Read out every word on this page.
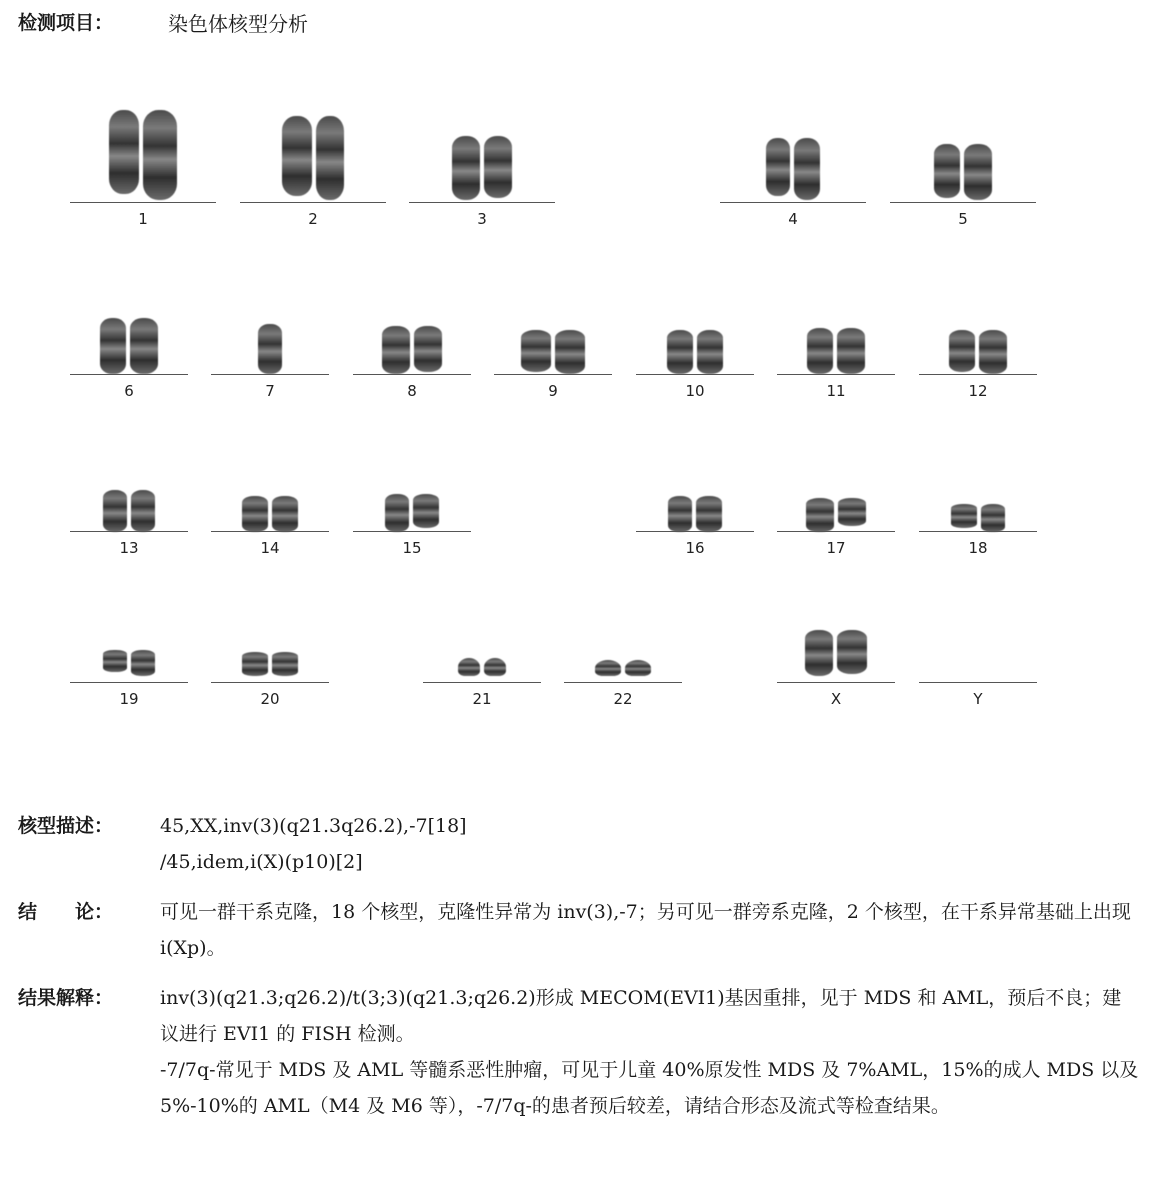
检测项目：	染色体核型分析
1	2	3	4	5
6	7	8	9	10	11	12
13	14	15	16	17	18
19	20	21	22	X	Y
核型描述： 45,XX,inv(3)(q21.3q26.2),-7[18]
/45,idem,i(X)(p10)[2]
结　　论： 可见一群干系克隆，18 个核型，克隆性异常为 inv(3),-7；另可见一群旁系克隆，2 个核型，在干系异常基础上出现 i(Xp)。
结果解释： inv(3)(q21.3;q26.2)/t(3;3)(q21.3;q26.2)形成 MECOM(EVI1)基因重排，见于 MDS 和 AML，预后不良；建议进行 EVI1 的 FISH 检测。
-7/7q-常见于 MDS 及 AML 等髓系恶性肿瘤，可见于儿童 40%原发性 MDS 及 7%AML，15%的成人 MDS 以及 5%-10%的 AML（M4 及 M6 等），-7/7q-的患者预后较差，请结合形态及流式等检查结果。
